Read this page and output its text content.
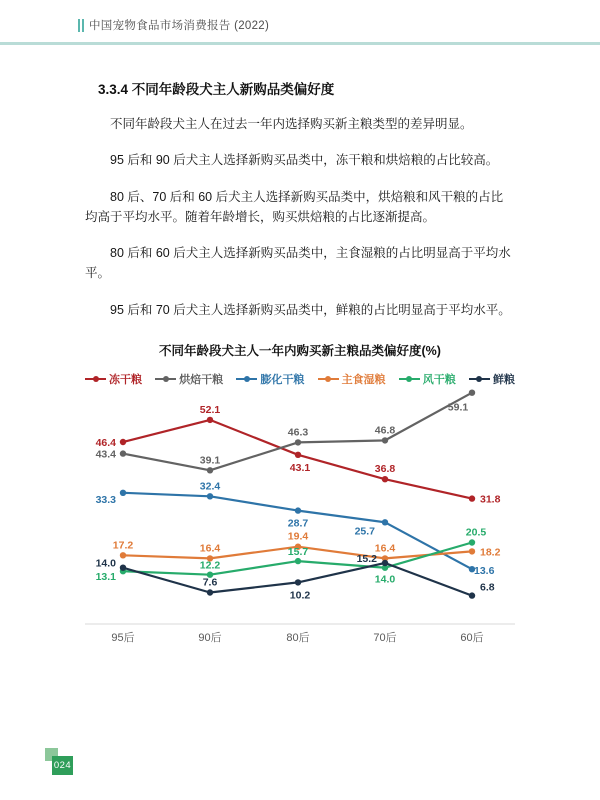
中国宠物食品市场消费报告 (2022)
3.3.4 不同年龄段犬主人新购品类偏好度

不同年龄段犬主人在过去一年内选择购买新主粮类型的差异明显。

95 后和 90 后犬主人选择新购买品类中，冻干粮和烘焙粮的占比较高。

80 后、70 后和 60 后犬主人选择新购买品类中，烘焙粮和风干粮的占比均高于平均水平。随着年龄增长，购买烘焙粮的占比逐渐提高。

80 后和 60 后犬主人选择新购买品类中，主食湿粮的占比明显高于平均水平。

95 后和 70 后犬主人选择新购买品类中，鲜粮的占比明显高于平均水平。

不同年龄段犬主人一年内购买新主粮品类偏好度(%)
冻干粮	烘焙干粮	膨化干粮	主食湿粮	风干粮	鲜粮
95后	90后	80后	70后	60后
46.4
52.1
43.1	36.8
31.8
43.4	39.1
46.3	46.8
59.1
33.3
32.4
28.7
25.7
13.6
17.2	16.4
19.4
16.4	18.2
13.1
12.2
15.7
14.0
20.5
14.0
7.6
10.2
15.2
6.8
024
